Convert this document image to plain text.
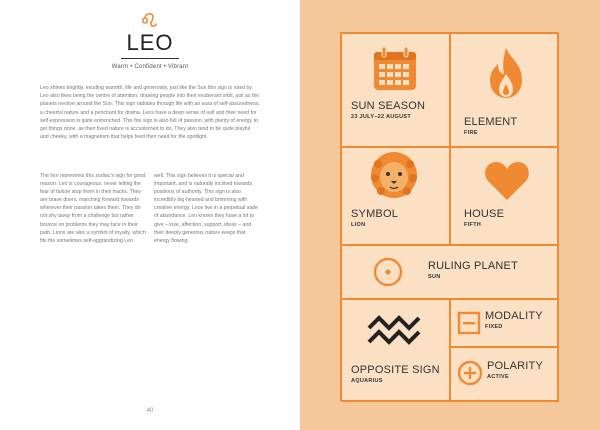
LEO
Warm • Confident • Vibrant

Leo shines brightly, exuding warmth, life and generosity, just like the Sun this sign is ruled by. Leo also likes being the centre of attention, drawing people into their exuberant orbit, just as the planets revolve around the Sun. This sign radiates through life with an aura of self-assuredness, a cheerful nature and a penchant for drama. Leos have a deep sense of self and their need for self-expression is quite entrenched. This fire sign is also full of passion, with plenty of energy to get things done, as their fixed nature is accustomed to do. They also tend to be quite playful and cheeky, with a magnetism that helps feed their need for the spotlight.

The lion represents this zodiac's sign for good reason: Leo is courageous, never letting the fear of failure stop them in their tracks. They are brave doers, marching forward towards wherever their passion takes them. They do not shy away from a challenge but rather bounce on problems they may face in their path. Lions are also a symbol of royalty, which fits the sometimes self-aggrandizing Leo

well. This sign believes it is special and important, and is naturally inclined towards positions of authority. This sign is also incredibly big-hearted and brimming with creative energy. Leos live in a perpetual state of abundance. Leo knows they have a lot to give – love, affection, support, ideas – and their deeply generous nature keeps that energy flowing.

40
SUN SEASON
23 JULY–22 AUGUST	ELEMENT
FIRE
SYMBOL
LION
HOUSE
FIFTH
RULING PLANET
SUN
OPPOSITE SIGN
AQUARIUS
MODALITY
FIXED
POLARITY
ACTIVE
